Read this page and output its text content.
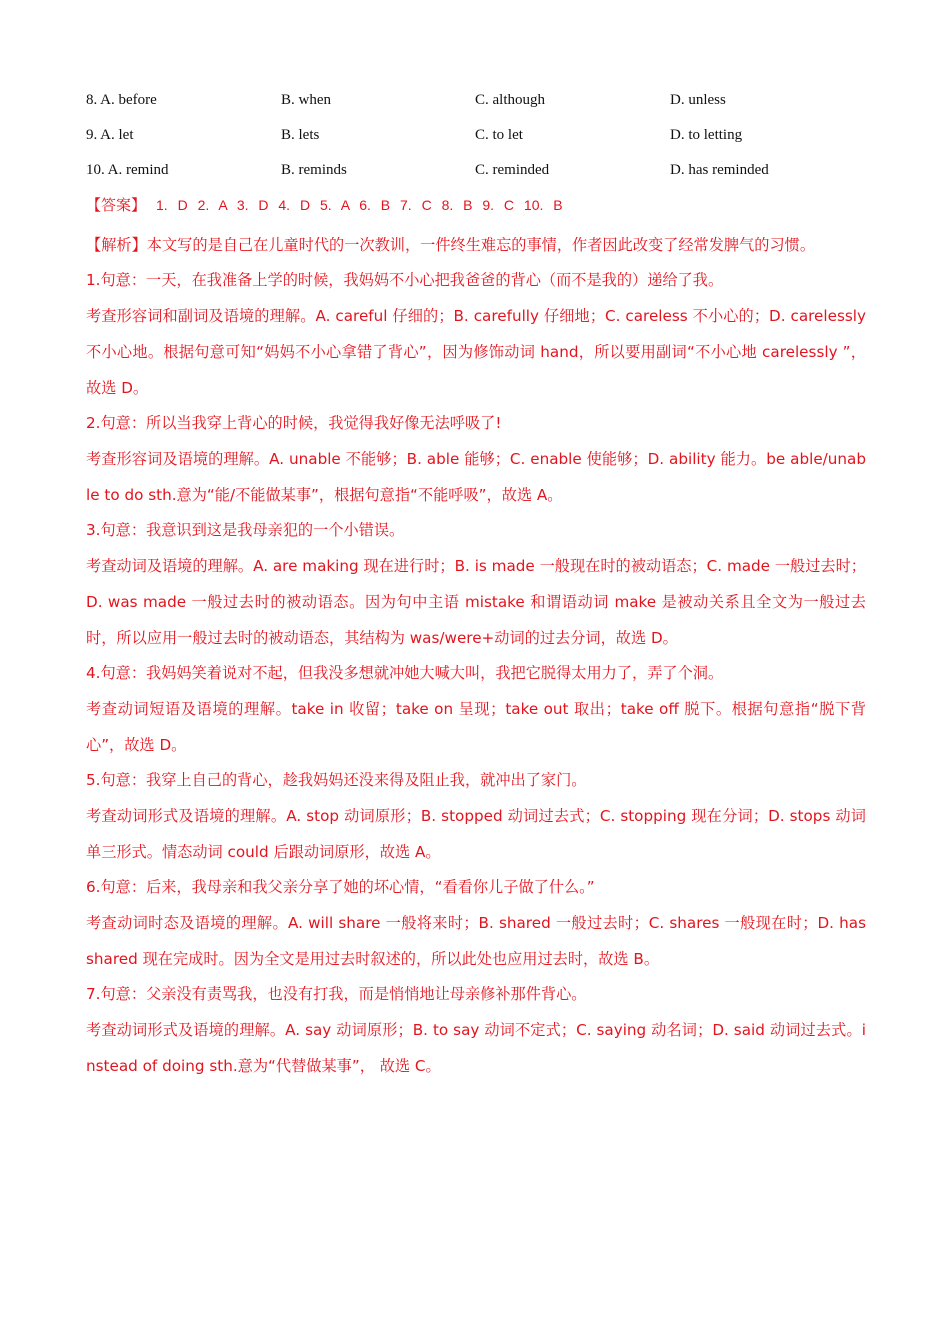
8. A. before	B. when	C. although	D. unless
9. A. let	B. lets	C. to let	D. to letting
10. A. remind	B. reminds	C. reminded	D. has reminded
【答案】 1. D 2. A 3. D 4. D 5. A 6. B 7. C 8. B 9. C 10. B

【解析】本文写的是自己在儿童时代的一次教训，一件终生难忘的事情，作者因此改变了经常发脾气的习惯。

1.句意：一天，在我准备上学的时候，我妈妈不小心把我爸爸的背心（而不是我的）递给了我。

考查形容词和副词及语境的理解。A. careful 仔细的；B. carefully 仔细地；C. careless 不小心的；D. carelessly 不小心地。根据句意可知“妈妈不小心拿错了背心”，因为修饰动词 hand，所以要用副词“不小心地 carelessly ”，故选 D。

2.句意：所以当我穿上背心的时候，我觉得我好像无法呼吸了!

考查形容词及语境的理解。A. unable 不能够；B. able 能够；C. enable 使能够；D. ability 能力。be able/unable to do sth.意为“能/不能做某事”，根据句意指“不能呼吸”，故选 A。

3.句意：我意识到这是我母亲犯的一个小错误。

考查动词及语境的理解。A. are making 现在进行时；B. is made 一般现在时的被动语态；C. made 一般过去时；D. was made 一般过去时的被动语态。因为句中主语 mistake 和谓语动词 make 是被动关系且全文为一般过去时，所以应用一般过去时的被动语态，其结构为 was/were+动词的过去分词，故选 D。

4.句意：我妈妈笑着说对不起，但我没多想就冲她大喊大叫，我把它脱得太用力了，弄了个洞。

考查动词短语及语境的理解。take in 收留；take on 呈现；take out 取出；take off 脱下。根据句意指“脱下背心”，故选 D。

5.句意：我穿上自己的背心，趁我妈妈还没来得及阻止我，就冲出了家门。

考查动词形式及语境的理解。A. stop 动词原形；B. stopped 动词过去式；C. stopping 现在分词；D. stops 动词单三形式。情态动词 could 后跟动词原形，故选 A。

6.句意：后来，我母亲和我父亲分享了她的坏心情，“看看你儿子做了什么。”

考查动词时态及语境的理解。A. will share 一般将来时；B. shared 一般过去时；C. shares 一般现在时；D. has shared 现在完成时。因为全文是用过去时叙述的，所以此处也应用过去时，故选 B。

7.句意：父亲没有责骂我，也没有打我，而是悄悄地让母亲修补那件背心。

考查动词形式及语境的理解。A. say 动词原形；B. to say 动词不定式；C. saying 动名词；D. said 动词过去式。instead of doing sth.意为“代替做某事”， 故选 C。
